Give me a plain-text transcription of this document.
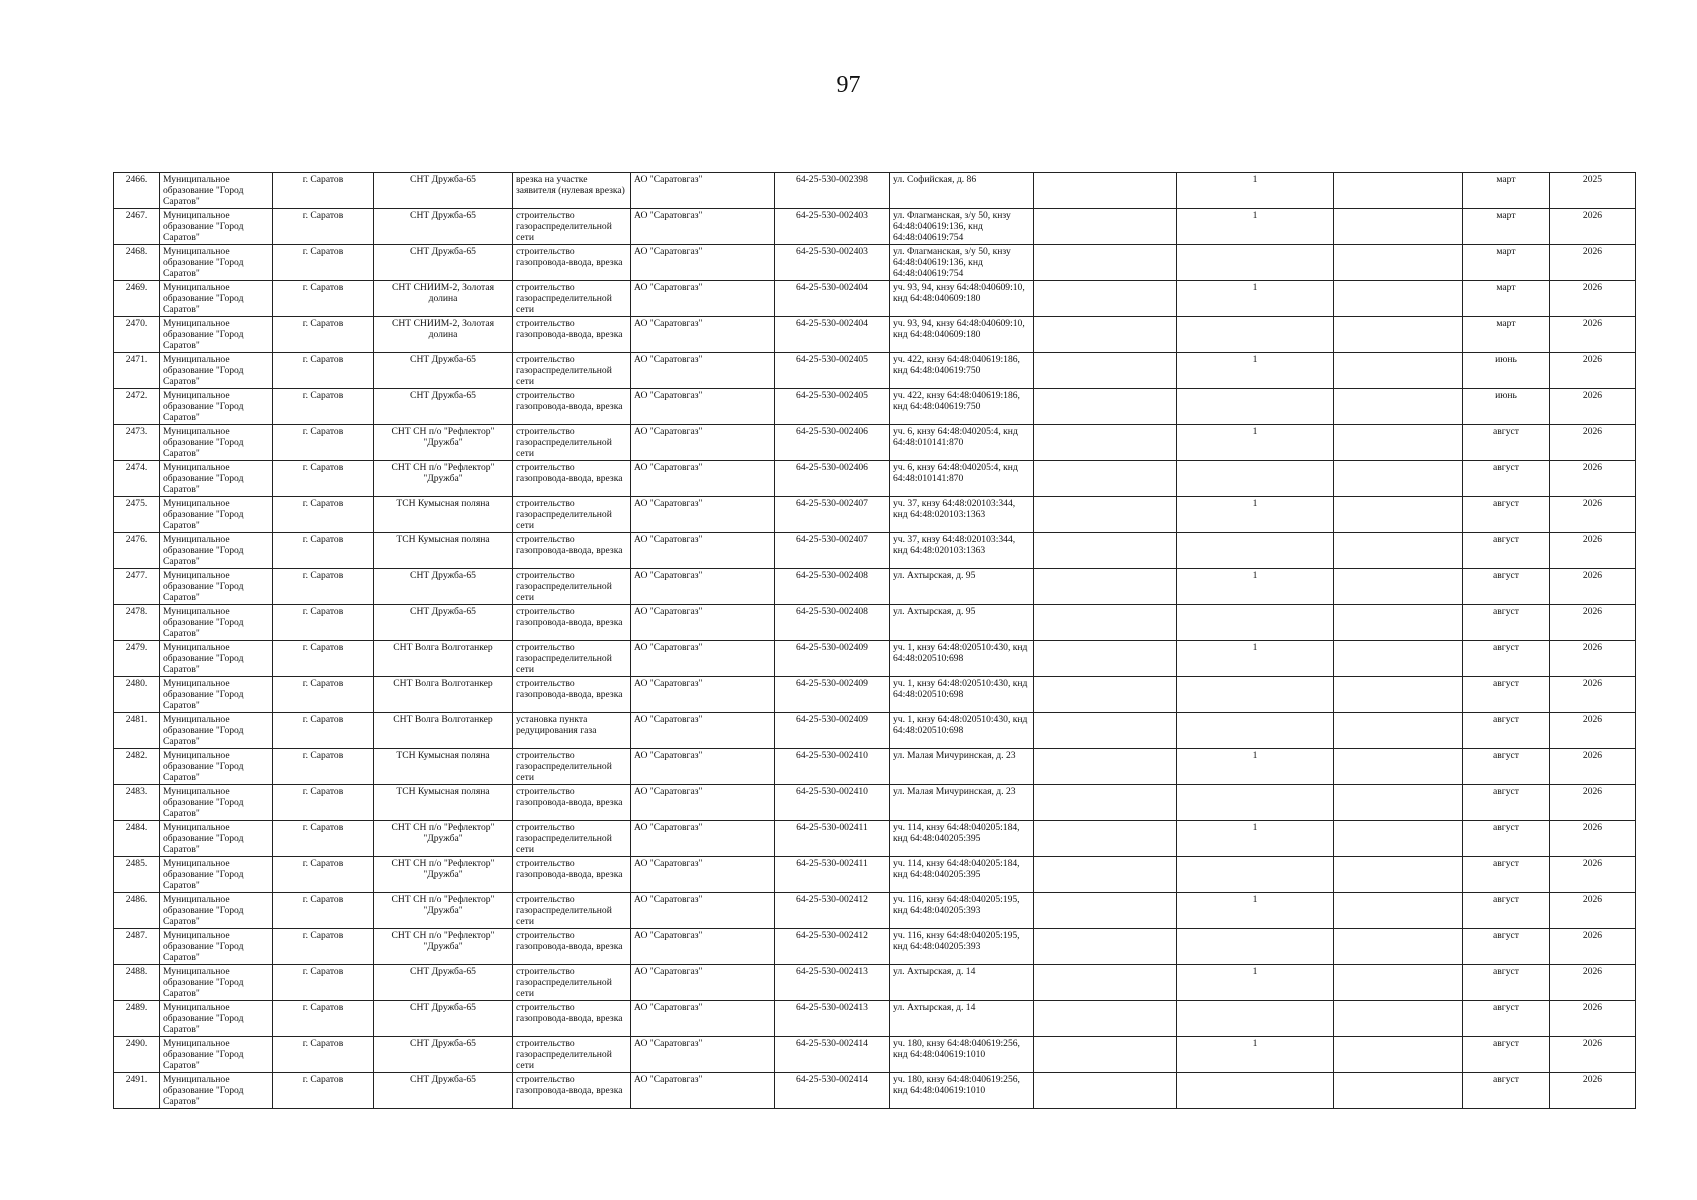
97
2466.	Муниципальное образование "Город Саратов"	г. Саратов	СНТ Дружба-65	врезка на участке заявителя (нулевая врезка)	АО "Саратовгаз"	64-25-530-002398	ул. Софийская, д. 86		1		март	2025
2467.	Муниципальное образование "Город Саратов"	г. Саратов	СНТ Дружба-65	строительство газораспределительной сети	АО "Саратовгаз"	64-25-530-002403	ул. Флагманская, з/у 50, кнзу 64:48:040619:136, кнд 64:48:040619:754		1		март	2026
2468.	Муниципальное образование "Город Саратов"	г. Саратов	СНТ Дружба-65	строительство газопровода-ввода, врезка	АО "Саратовгаз"	64-25-530-002403	ул. Флагманская, з/у 50, кнзу 64:48:040619:136, кнд 64:48:040619:754				март	2026
2469.	Муниципальное образование "Город Саратов"	г. Саратов	СНТ СНИИМ-2, Золотая долина	строительство газораспределительной сети	АО "Саратовгаз"	64-25-530-002404	уч. 93, 94, кнзу 64:48:040609:10, кнд 64:48:040609:180		1		март	2026
2470.	Муниципальное образование "Город Саратов"	г. Саратов	СНТ СНИИМ-2, Золотая долина	строительство газопровода-ввода, врезка	АО "Саратовгаз"	64-25-530-002404	уч. 93, 94, кнзу 64:48:040609:10, кнд 64:48:040609:180				март	2026
2471.	Муниципальное образование "Город Саратов"	г. Саратов	СНТ Дружба-65	строительство газораспределительной сети	АО "Саратовгаз"	64-25-530-002405	уч. 422, кнзу 64:48:040619:186, кнд 64:48:040619:750		1		июнь	2026
2472.	Муниципальное образование "Город Саратов"	г. Саратов	СНТ Дружба-65	строительство газопровода-ввода, врезка	АО "Саратовгаз"	64-25-530-002405	уч. 422, кнзу 64:48:040619:186, кнд 64:48:040619:750				июнь	2026
2473.	Муниципальное образование "Город Саратов"	г. Саратов	СНТ СН п/о "Рефлектор" "Дружба"	строительство газораспределительной сети	АО "Саратовгаз"	64-25-530-002406	уч. 6, кнзу 64:48:040205:4, кнд 64:48:010141:870		1		август	2026
2474.	Муниципальное образование "Город Саратов"	г. Саратов	СНТ СН п/о "Рефлектор" "Дружба"	строительство газопровода-ввода, врезка	АО "Саратовгаз"	64-25-530-002406	уч. 6, кнзу 64:48:040205:4, кнд 64:48:010141:870				август	2026
2475.	Муниципальное образование "Город Саратов"	г. Саратов	ТСН Кумысная поляна	строительство газораспределительной сети	АО "Саратовгаз"	64-25-530-002407	уч. 37, кнзу 64:48:020103:344, кнд 64:48:020103:1363		1		август	2026
2476.	Муниципальное образование "Город Саратов"	г. Саратов	ТСН Кумысная поляна	строительство газопровода-ввода, врезка	АО "Саратовгаз"	64-25-530-002407	уч. 37, кнзу 64:48:020103:344, кнд 64:48:020103:1363				август	2026
2477.	Муниципальное образование "Город Саратов"	г. Саратов	СНТ Дружба-65	строительство газораспределительной сети	АО "Саратовгаз"	64-25-530-002408	ул. Ахтырская, д. 95		1		август	2026
2478.	Муниципальное образование "Город Саратов"	г. Саратов	СНТ Дружба-65	строительство газопровода-ввода, врезка	АО "Саратовгаз"	64-25-530-002408	ул. Ахтырская, д. 95				август	2026
2479.	Муниципальное образование "Город Саратов"	г. Саратов	СНТ Волга Волготанкер	строительство газораспределительной сети	АО "Саратовгаз"	64-25-530-002409	уч. 1, кнзу 64:48:020510:430, кнд 64:48:020510:698		1		август	2026
2480.	Муниципальное образование "Город Саратов"	г. Саратов	СНТ Волга Волготанкер	строительство газопровода-ввода, врезка	АО "Саратовгаз"	64-25-530-002409	уч. 1, кнзу 64:48:020510:430, кнд 64:48:020510:698				август	2026
2481.	Муниципальное образование "Город Саратов"	г. Саратов	СНТ Волга Волготанкер	установка пункта редуцирования газа	АО "Саратовгаз"	64-25-530-002409	уч. 1, кнзу 64:48:020510:430, кнд 64:48:020510:698				август	2026
2482.	Муниципальное образование "Город Саратов"	г. Саратов	ТСН Кумысная поляна	строительство газораспределительной сети	АО "Саратовгаз"	64-25-530-002410	ул. Малая Мичуринская, д. 23		1		август	2026
2483.	Муниципальное образование "Город Саратов"	г. Саратов	ТСН Кумысная поляна	строительство газопровода-ввода, врезка	АО "Саратовгаз"	64-25-530-002410	ул. Малая Мичуринская, д. 23				август	2026
2484.	Муниципальное образование "Город Саратов"	г. Саратов	СНТ СН п/о "Рефлектор" "Дружба"	строительство газораспределительной сети	АО "Саратовгаз"	64-25-530-002411	уч. 114, кнзу 64:48:040205:184, кнд 64:48:040205:395		1		август	2026
2485.	Муниципальное образование "Город Саратов"	г. Саратов	СНТ СН п/о "Рефлектор" "Дружба"	строительство газопровода-ввода, врезка	АО "Саратовгаз"	64-25-530-002411	уч. 114, кнзу 64:48:040205:184, кнд 64:48:040205:395				август	2026
2486.	Муниципальное образование "Город Саратов"	г. Саратов	СНТ СН п/о "Рефлектор" "Дружба"	строительство газораспределительной сети	АО "Саратовгаз"	64-25-530-002412	уч. 116, кнзу 64:48:040205:195, кнд 64:48:040205:393		1		август	2026
2487.	Муниципальное образование "Город Саратов"	г. Саратов	СНТ СН п/о "Рефлектор" "Дружба"	строительство газопровода-ввода, врезка	АО "Саратовгаз"	64-25-530-002412	уч. 116, кнзу 64:48:040205:195, кнд 64:48:040205:393				август	2026
2488.	Муниципальное образование "Город Саратов"	г. Саратов	СНТ Дружба-65	строительство газораспределительной сети	АО "Саратовгаз"	64-25-530-002413	ул. Ахтырская, д. 14		1		август	2026
2489.	Муниципальное образование "Город Саратов"	г. Саратов	СНТ Дружба-65	строительство газопровода-ввода, врезка	АО "Саратовгаз"	64-25-530-002413	ул. Ахтырская, д. 14				август	2026
2490.	Муниципальное образование "Город Саратов"	г. Саратов	СНТ Дружба-65	строительство газораспределительной сети	АО "Саратовгаз"	64-25-530-002414	уч. 180, кнзу 64:48:040619:256, кнд 64:48:040619:1010		1		август	2026
2491.	Муниципальное образование "Город Саратов"	г. Саратов	СНТ Дружба-65	строительство газопровода-ввода, врезка	АО "Саратовгаз"	64-25-530-002414	уч. 180, кнзу 64:48:040619:256, кнд 64:48:040619:1010				август	2026
